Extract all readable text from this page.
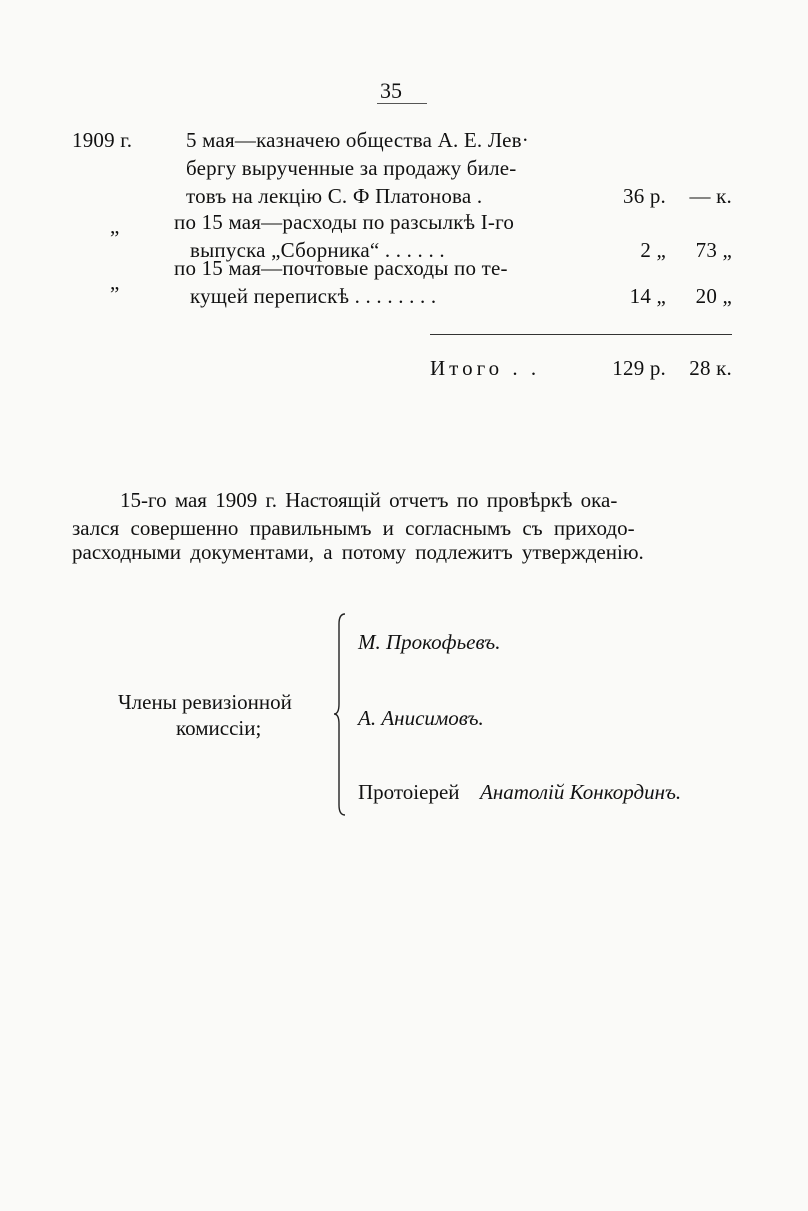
35
1909 г.	5 мая—казначею общества А. Е. Лев·
бергу вырученные за продажу биле-
товъ на лекцію С. Ф Платонова .	36 р.	— к.
„	по 15 мая—расходы по разсылкѣ I-го
выпуска „Сборника“ . . . . . .	2 „	73 „
„
по 15 мая—почтовые расходы по те-
кущей перепискѣ . . . . . . . .	14 „	20 „
Итого . .	129 р.	28 к.
15-го мая 1909 г. Настоящій отчетъ по провѣркѣ ока-
зался совершенно правильнымъ и согласнымъ съ приходо-
расходными документами, а потому подлежитъ утвержденію.
Члены ревизіонной
комиссіи;
М. Прокофьевъ.
А. Анисимовъ.
Протоіерей Анатолій Конкординъ.
